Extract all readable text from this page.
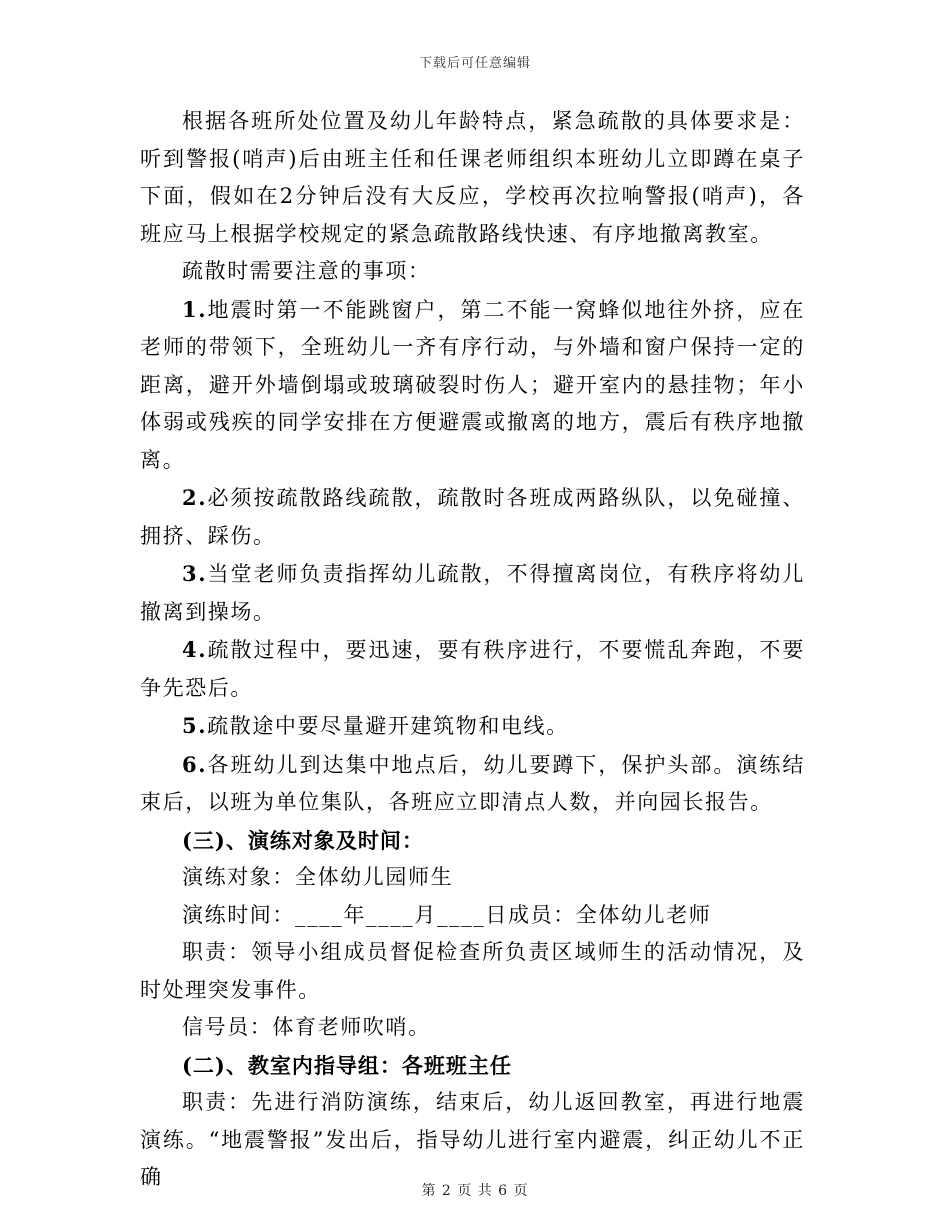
下载后可任意编辑

根据各班所处位置及幼儿年龄特点，紧急疏散的具体要求是：听到警报(哨声)后由班主任和任课老师组织本班幼儿立即蹲在桌子下面，假如在2分钟后没有大反应，学校再次拉响警报(哨声)，各班应马上根据学校规定的紧急疏散路线快速、有序地撤离教室。

疏散时需要注意的事项：

1.地震时第一不能跳窗户，第二不能一窝蜂似地往外挤，应在老师的带领下，全班幼儿一齐有序行动，与外墙和窗户保持一定的距离，避开外墙倒塌或玻璃破裂时伤人；避开室内的悬挂物；年小体弱或残疾的同学安排在方便避震或撤离的地方，震后有秩序地撤离。

2.必须按疏散路线疏散，疏散时各班成两路纵队，以免碰撞、拥挤、踩伤。

3.当堂老师负责指挥幼儿疏散，不得擅离岗位，有秩序将幼儿撤离到操场。

4.疏散过程中，要迅速，要有秩序进行，不要慌乱奔跑，不要争先恐后。

5.疏散途中要尽量避开建筑物和电线。

6.各班幼儿到达集中地点后，幼儿要蹲下，保护头部。演练结束后，以班为单位集队，各班应立即清点人数，并向园长报告。

(三)、演练对象及时间：

演练对象：全体幼儿园师生

演练时间：____年____月____日成员：全体幼儿老师

职责：领导小组成员督促检查所负责区域师生的活动情况，及时处理突发事件。

信号员：体育老师吹哨。

(二)、教室内指导组：各班班主任

职责：先进行消防演练，结束后，幼儿返回教室，再进行地震演练。“地震警报”发出后，指导幼儿进行室内避震，纠正幼儿不正确

第 2 页 共 6 页
